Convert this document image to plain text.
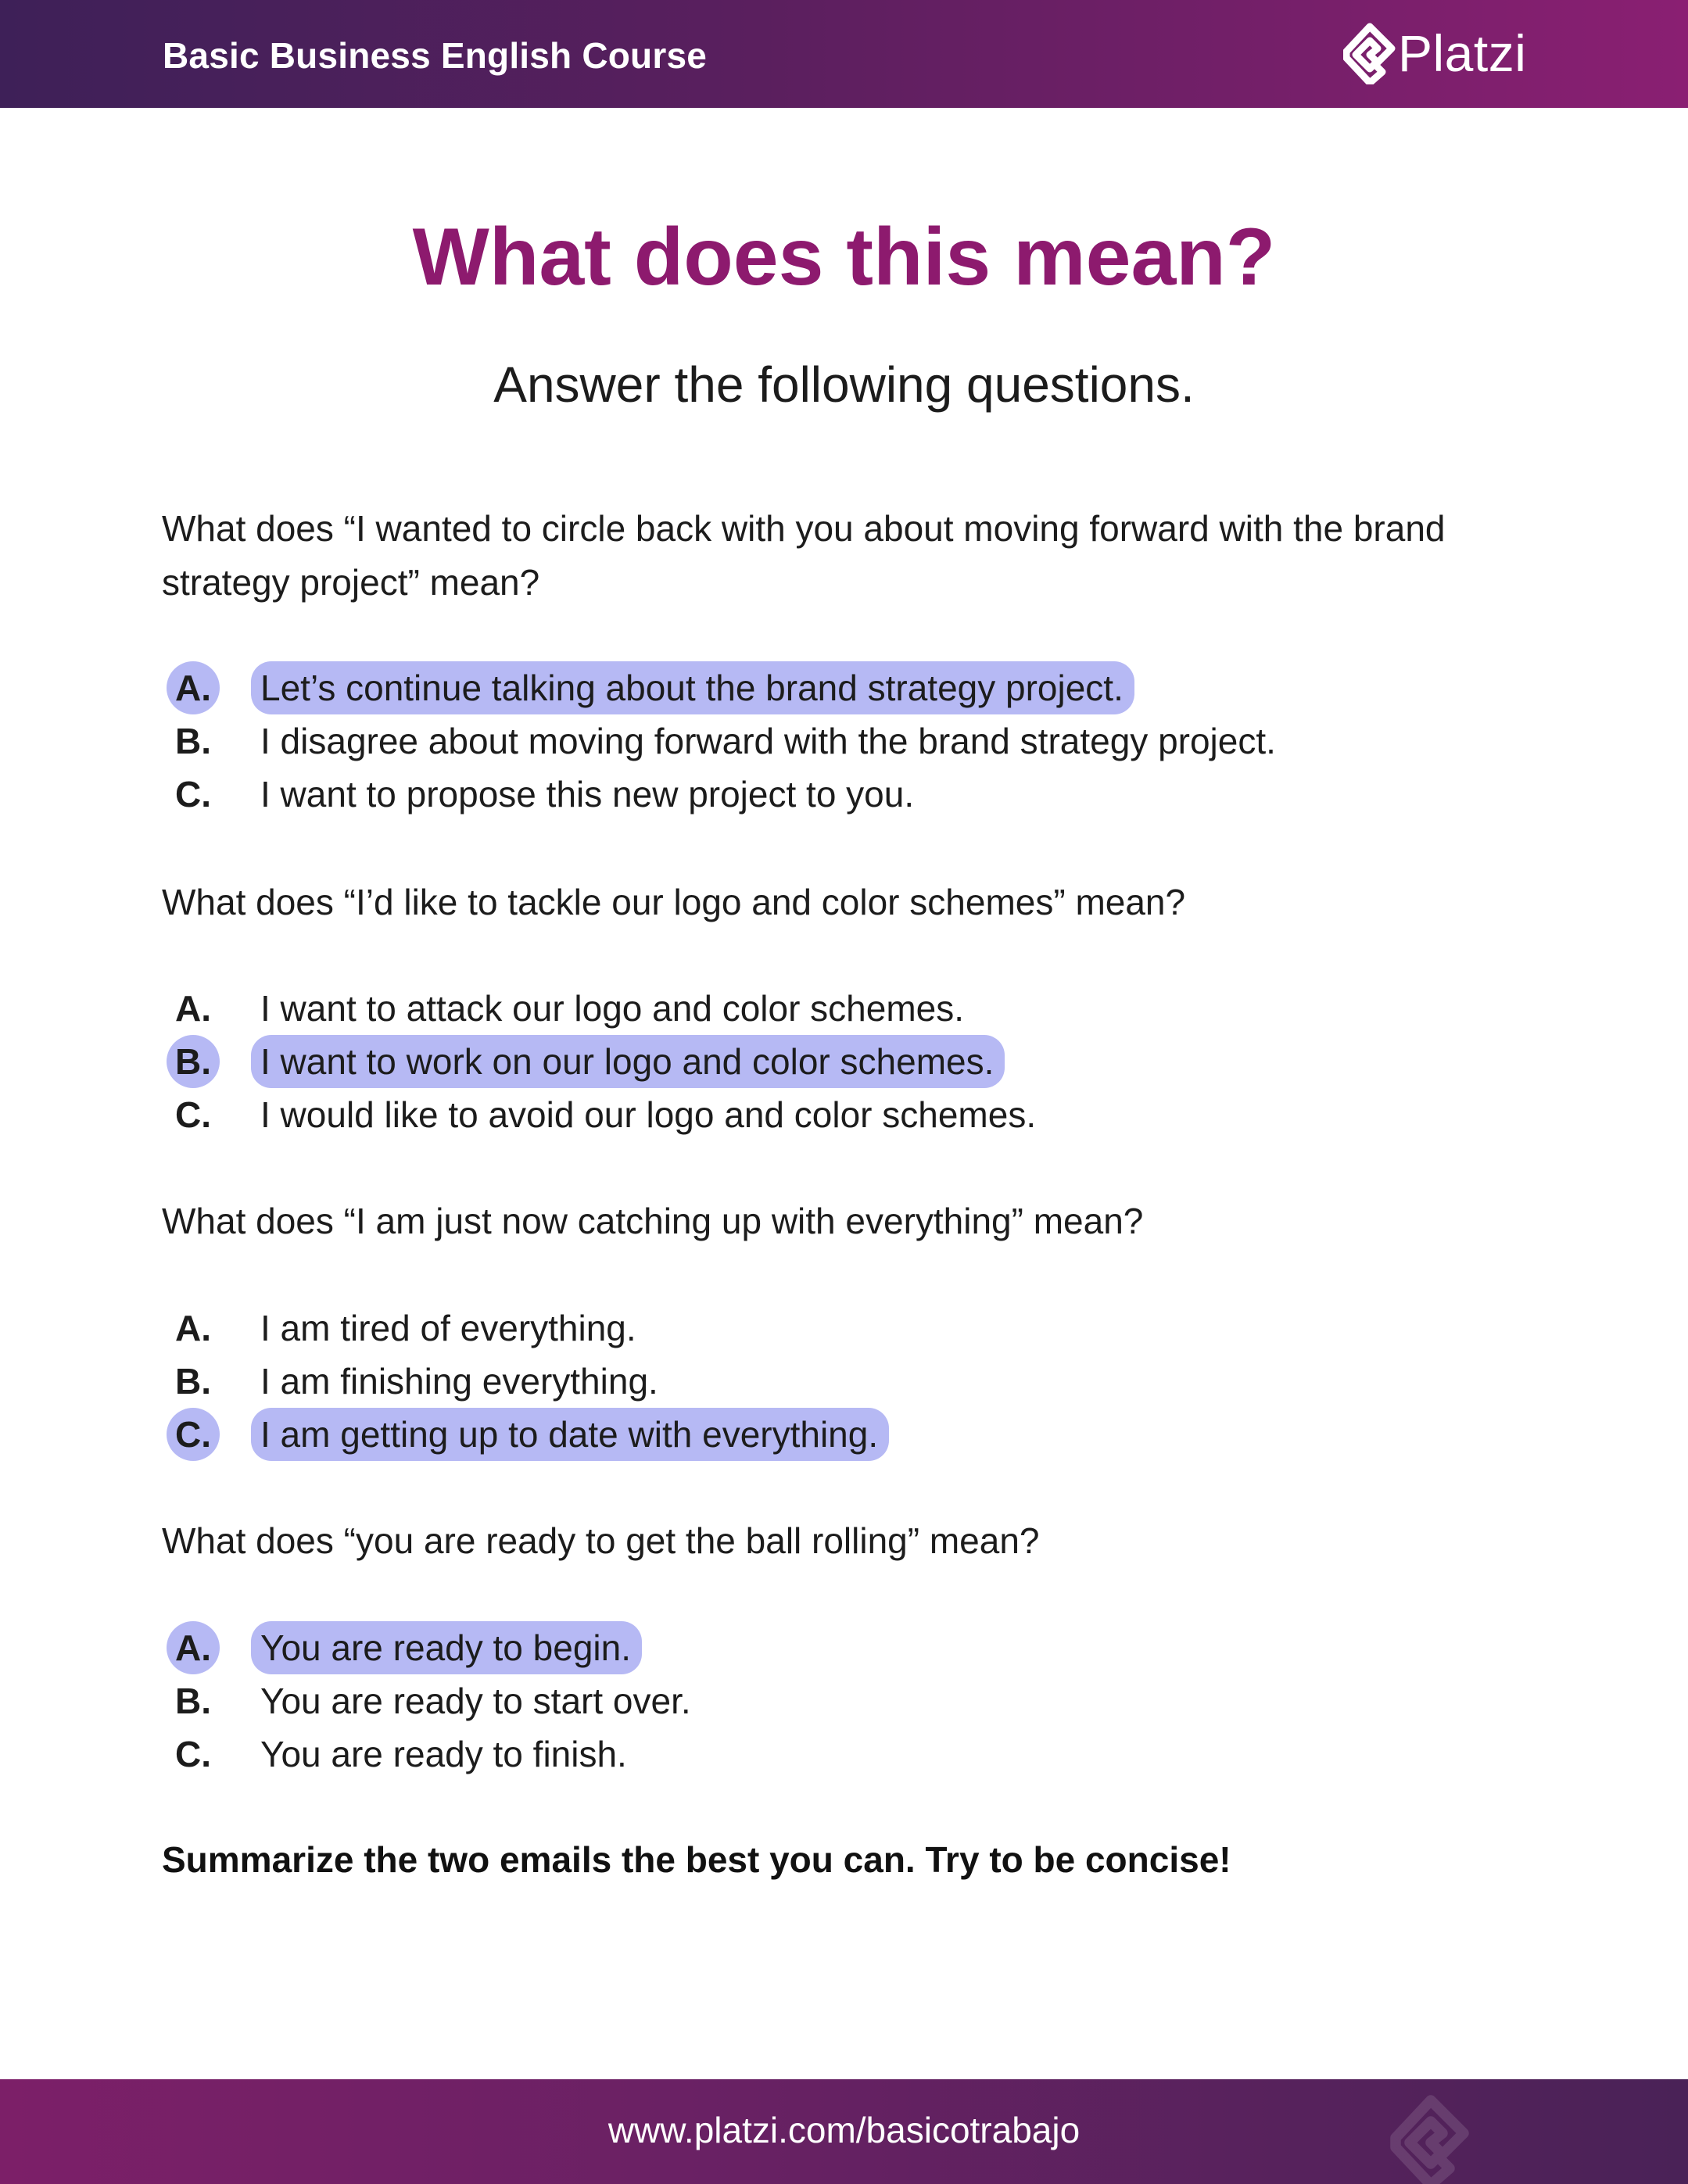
Basic Business English Course	Platzi
What does this mean?
Answer the following questions.
What does “I wanted to circle back with you about moving forward with the brand strategy project” mean?
A. Let’s continue talking about the brand strategy project.
B. I disagree about moving forward with the brand strategy project.
C. I want to propose this new project to you.
What does “I’d like to tackle our logo and color schemes” mean?
A. I want to attack our logo and color schemes.
B. I want to work on our logo and color schemes.
C. I would like to avoid our logo and color schemes.
What does “I am just now catching up with everything” mean?
A. I am tired of everything.
B. I am finishing everything.
C. I am getting up to date with everything.
What does “you are ready to get the ball rolling” mean?
A. You are ready to begin.
B. You are ready to start over.
C. You are ready to finish.
Summarize the two emails the best you can. Try to be concise!
www.platzi.com/basicotrabajo
